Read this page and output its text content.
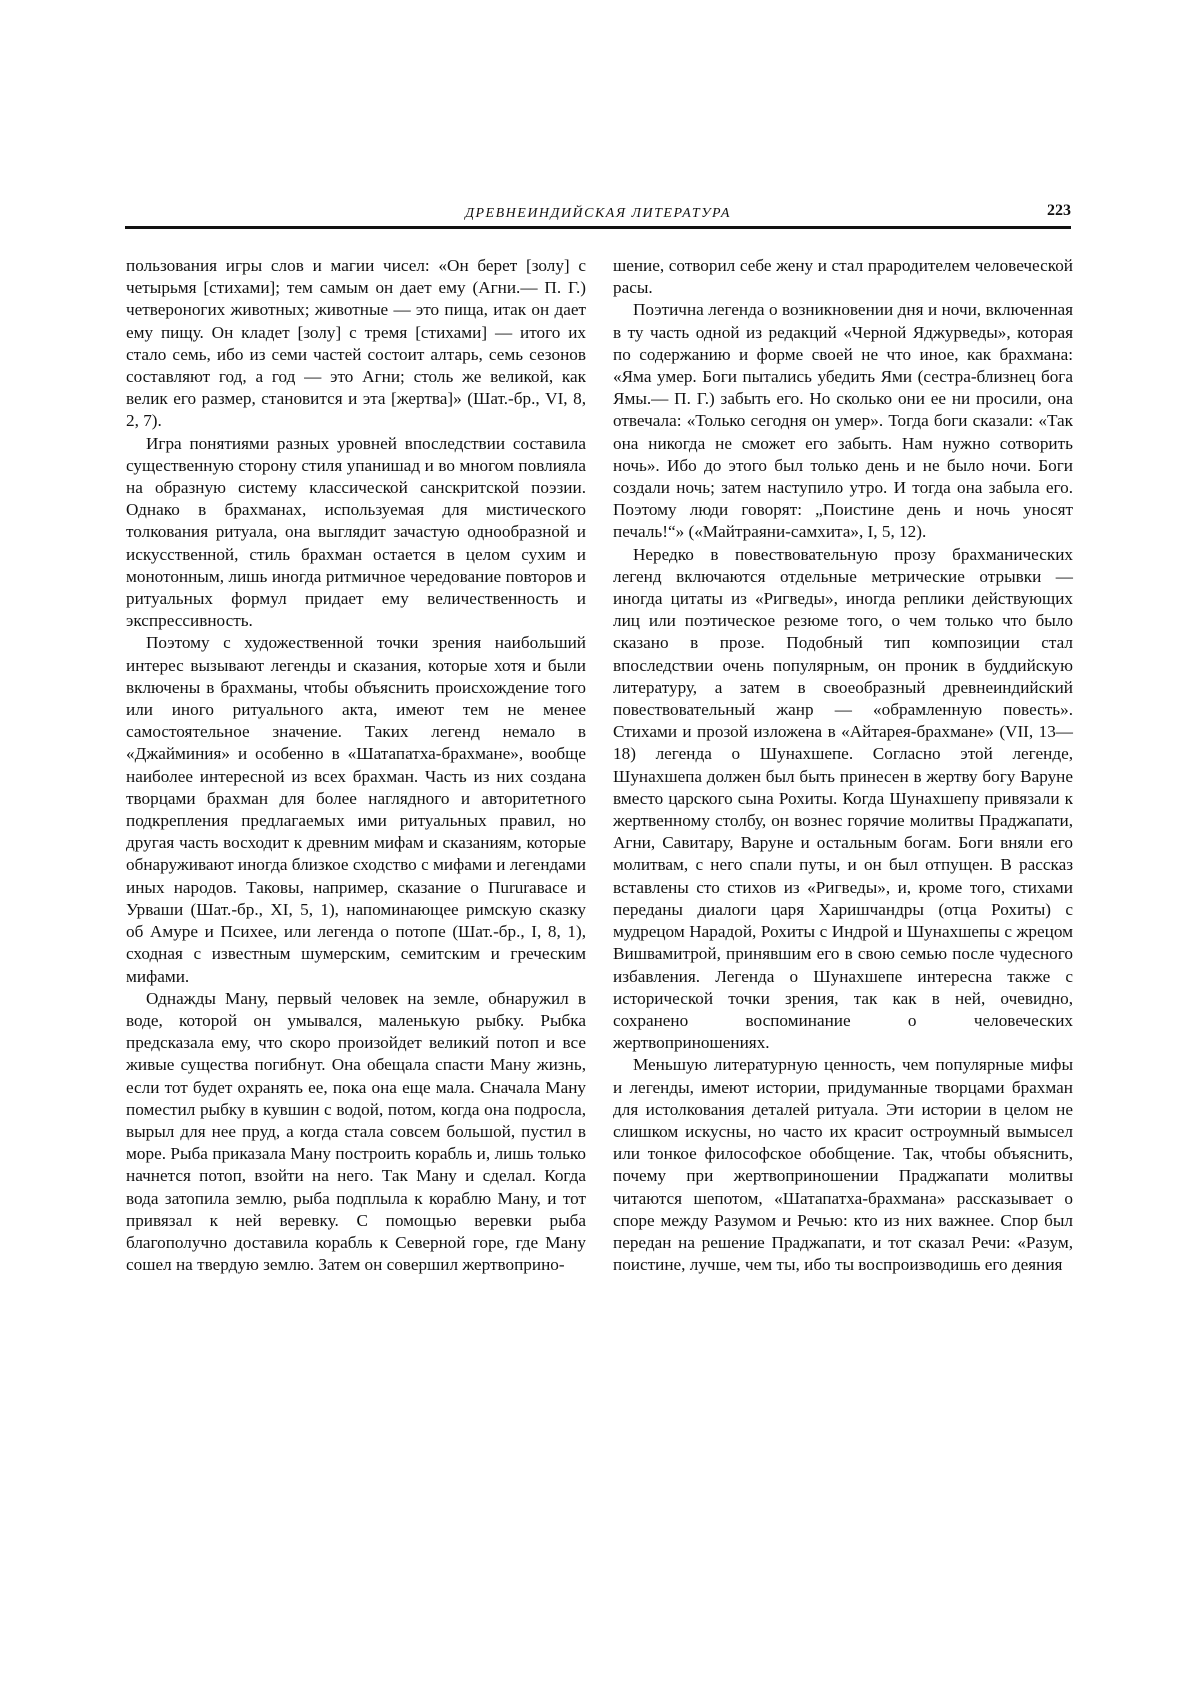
ДРЕВНЕИНДИЙСКАЯ ЛИТЕРАТУРА	223

пользования игры слов и магии чисел: «Он берет [золу] с четырьмя [стихами]; тем самым он дает ему (Агни.— П. Г.) четвероногих животных; животные — это пища, итак он дает ему пищу. Он кладет [золу] с тремя [стихами] — итого их стало семь, ибо из семи частей состоит алтарь, семь сезонов составляют год, а год — это Агни; столь же великой, как велик его размер, становится и эта [жертва]» (Шат.-бр., VI, 8, 2, 7).

Игра понятиями разных уровней впоследствии составила существенную сторону стиля упанишад и во многом повлияла на образную систему классической санскритской поэзии. Однако в брахманах, используемая для мистического толкования ритуала, она выглядит зачастую однообразной и искусственной, стиль брахман остается в целом сухим и монотонным, лишь иногда ритмичное чередование повторов и ритуальных формул придает ему величественность и экспрессивность.

Поэтому с художественной точки зрения наибольший интерес вызывают легенды и сказания, которые хотя и были включены в брахманы, чтобы объяснить происхождение того или иного ритуального акта, имеют тем не менее самостоятельное значение. Таких легенд немало в «Джайминия» и особенно в «Шатапатха-брахмане», вообще наиболее интересной из всех брахман. Часть из них создана творцами брахман для более наглядного и авторитетного подкрепления предлагаемых ими ритуальных правил, но другая часть восходит к древним мифам и сказаниям, которые обнаруживают иногда близкое сходство с мифами и легендами иных народов. Таковы, например, сказание о Пururавасе и Урваши (Шат.-бр., XI, 5, 1), напоминающее римскую сказку об Амуре и Психее, или легенда о потопе (Шат.-бр., I, 8, 1), сходная с известным шумерским, семитским и греческим мифами.

Однажды Ману, первый человек на земле, обнаружил в воде, которой он умывался, маленькую рыбку. Рыбка предсказала ему, что скоро произойдет великий потоп и все живые существа погибнут. Она обещала спасти Ману жизнь, если тот будет охранять ее, пока она еще мала. Сначала Ману поместил рыбку в кувшин с водой, потом, когда она подросла, вырыл для нее пруд, а когда стала совсем большой, пустил в море. Рыба приказала Ману построить корабль и, лишь только начнется потоп, взойти на него. Так Ману и сделал. Когда вода затопила землю, рыба подплыла к кораблю Ману, и тот привязал к ней веревку. С помощью веревки рыба благополучно доставила корабль к Северной горе, где Ману сошел на твердую землю. Затем он совершил жертвоприно-

шение, сотворил себе жену и стал прародителем человеческой расы.

Поэтична легенда о возникновении дня и ночи, включенная в ту часть одной из редакций «Черной Яджурведы», которая по содержанию и форме своей не что иное, как брахмана: «Яма умер. Боги пытались убедить Ями (сестра-близнец бога Ямы.— П. Г.) забыть его. Но сколько они ее ни просили, она отвечала: «Только сегодня он умер». Тогда боги сказали: «Так она никогда не сможет его забыть. Нам нужно сотворить ночь». Ибо до этого был только день и не было ночи. Боги создали ночь; затем наступило утро. И тогда она забыла его. Поэтому люди говорят: „Поистине день и ночь уносят печаль!“» («Майтраяни-самхита», I, 5, 12).

Нередко в повествовательную прозу брахманических легенд включаются отдельные метрические отрывки — иногда цитаты из «Ригведы», иногда реплики действующих лиц или поэтическое резюме того, о чем только что было сказано в прозе. Подобный тип композиции стал впоследствии очень популярным, он проник в буддийскую литературу, а затем в своеобразный древнеиндийский повествовательный жанр — «обрамленную повесть». Стихами и прозой изложена в «Айтарея-брахмане» (VII, 13—18) легенда о Шунахшепе. Согласно этой легенде, Шунахшепа должен был быть принесен в жертву богу Варуне вместо царского сына Рохиты. Когда Шунахшепу привязали к жертвенному столбу, он вознес горячие молитвы Праджапати, Агни, Савитару, Варуне и остальным богам. Боги вняли его молитвам, с него спали путы, и он был отпущен. В рассказ вставлены сто стихов из «Ригведы», и, кроме того, стихами переданы диалоги царя Харишчандры (отца Рохиты) с мудрецом Нарадой, Рохиты с Индрой и Шунахшепы с жрецом Вишвамитрой, принявшим его в свою семью после чудесного избавления. Легенда о Шунахшепе интересна также с исторической точки зрения, так как в ней, очевидно, сохранено воспоминание о человеческих жертвоприношениях.

Меньшую литературную ценность, чем популярные мифы и легенды, имеют истории, придуманные творцами брахман для истолкования деталей ритуала. Эти истории в целом не слишком искусны, но часто их красит остроумный вымысел или тонкое философское обобщение. Так, чтобы объяснить, почему при жертвоприношении Праджапати молитвы читаются шепотом, «Шатапатха-брахмана» рассказывает о споре между Разумом и Речью: кто из них важнее. Спор был передан на решение Праджапати, и тот сказал Речи: «Разум, поистине, лучше, чем ты, ибо ты воспроизводишь его деяния
